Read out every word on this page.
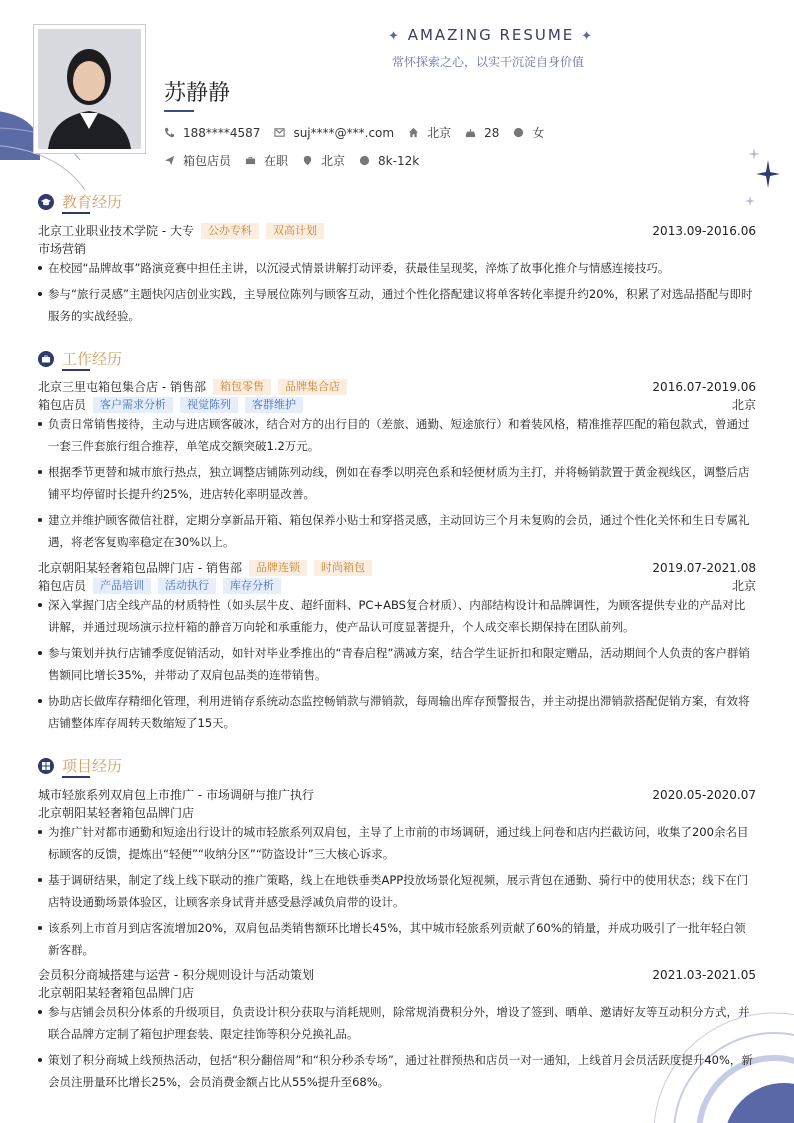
✦ AMAZING RESUME ✦
常怀探索之心，以实干沉淀自身价值
苏静静
188****4587	suj****@***.com	北京	28	女
箱包店员	在职	北京	8k-12k
教育经历
北京工业职业技术学院 - 大专	公办专科	双高计划	2013.09-2016.06
市场营销
在校园“品牌故事”路演竞赛中担任主讲，以沉浸式情景讲解打动评委，获最佳呈现奖，淬炼了故事化推介与情感连接技巧。
参与“旅行灵感”主题快闪店创业实践，主导展位陈列与顾客互动，通过个性化搭配建议将单客转化率提升约20%，积累了对选品搭配与即时服务的实战经验。
工作经历
北京三里屯箱包集合店 - 销售部	箱包零售	品牌集合店	2016.07-2019.06
箱包店员	客户需求分析	视觉陈列	客群维护	北京
负责日常销售接待，主动与进店顾客破冰，结合对方的出行目的（差旅、通勤、短途旅行）和着装风格，精准推荐匹配的箱包款式，曾通过一套三件套旅行组合推荐，单笔成交额突破1.2万元。
根据季节更替和城市旅行热点，独立调整店铺陈列动线，例如在春季以明亮色系和轻便材质为主打，并将畅销款置于黄金视线区，调整后店铺平均停留时长提升约25%，进店转化率明显改善。
建立并维护顾客微信社群，定期分享新品开箱、箱包保养小贴士和穿搭灵感，主动回访三个月未复购的会员，通过个性化关怀和生日专属礼遇，将老客复购率稳定在30%以上。
北京朝阳某轻奢箱包品牌门店 - 销售部	品牌连锁	时尚箱包	2019.07-2021.08
箱包店员	产品培训	活动执行	库存分析	北京
深入掌握门店全线产品的材质特性（如头层牛皮、超纤面料、PC+ABS复合材质）、内部结构设计和品牌调性，为顾客提供专业的产品对比讲解，并通过现场演示拉杆箱的静音万向轮和承重能力，使产品认可度显著提升，个人成交率长期保持在团队前列。
参与策划并执行店铺季度促销活动，如针对毕业季推出的“青春启程”满减方案，结合学生证折扣和限定赠品，活动期间个人负责的客户群销售额同比增长35%，并带动了双肩包品类的连带销售。
协助店长做库存精细化管理，利用进销存系统动态监控畅销款与滞销款，每周输出库存预警报告，并主动提出滞销款搭配促销方案，有效将店铺整体库存周转天数缩短了15天。
项目经历
城市轻旅系列双肩包上市推广 - 市场调研与推广执行	2020.05-2020.07
北京朝阳某轻奢箱包品牌门店
为推广针对都市通勤和短途出行设计的城市轻旅系列双肩包，主导了上市前的市场调研，通过线上问卷和店内拦截访问，收集了200余名目标顾客的反馈，提炼出“轻便”“收纳分区”“防盗设计”三大核心诉求。
基于调研结果，制定了线上线下联动的推广策略，线上在地铁垂类APP投放场景化短视频，展示背包在通勤、骑行中的使用状态；线下在门店特设通勤场景体验区，让顾客亲身试背并感受悬浮减负肩带的设计。
该系列上市首月到店客流增加20%，双肩包品类销售额环比增长45%，其中城市轻旅系列贡献了60%的销量，并成功吸引了一批年轻白领新客群。
会员积分商城搭建与运营 - 积分规则设计与活动策划	2021.03-2021.05
北京朝阳某轻奢箱包品牌门店
参与店铺会员积分体系的升级项目，负责设计积分获取与消耗规则，除常规消费积分外，增设了签到、晒单、邀请好友等互动积分方式，并联合品牌方定制了箱包护理套装、限定挂饰等积分兑换礼品。
策划了积分商城上线预热活动，包括“积分翻倍周”和“积分秒杀专场”，通过社群预热和店员一对一通知，上线首月会员活跃度提升40%，新会员注册量环比增长25%，会员消费金额占比从55%提升至68%。
